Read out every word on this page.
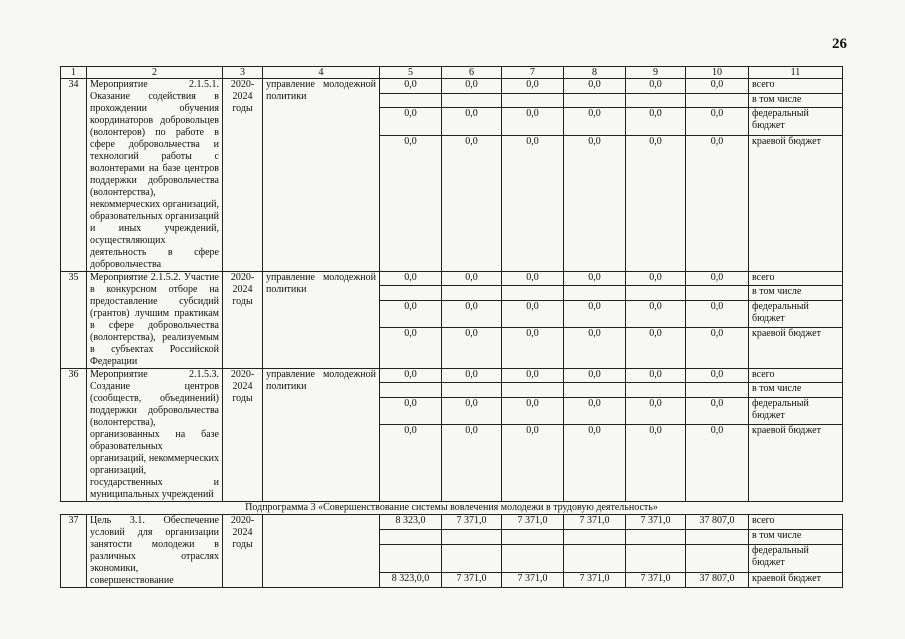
26
1	2	3	4	5	6	7	8	9	10	11
34	Мероприятие 2.1.5.1. Оказание содействия в прохождении обучения координаторов добровольцев (волонтеров) по работе в сфере добровольчества и технологий работы с волонтерами на базе центров поддержки добровольчества (волонтерства), некоммерческих организаций, образовательных организаций и иных учреждений, осуществляющих деятельность в сфере добровольчества	2020-2024 годы	управление молодежной политики	0,0	0,0	0,0	0,0	0,0	0,0	всего
										в том числе
				0,0	0,0	0,0	0,0	0,0	0,0	федеральный бюджет
				0,0	0,0	0,0	0,0	0,0	0,0	краевой бюджет

35	Мероприятие 2.1.5.2. Участие в конкурсном отборе на предоставление субсидий (грантов) лучшим практикам в сфере добровольчества (волонтерства), реализуемым в субъектах Российской Федерации	2020-2024 годы	управление молодежной политики	0,0	0,0	0,0	0,0	0,0	0,0	всего
										в том числе
				0,0	0,0	0,0	0,0	0,0	0,0	федеральный бюджет
				0,0	0,0	0,0	0,0	0,0	0,0	краевой бюджет
36	Мероприятие 2.1.5.3. Создание центров (сообществ, объединений) поддержки добровольчества (волонтерства), организованных на базе образовательных организаций, некоммерческих организаций, государственных и муниципальных учреждений	2020-2024 годы	управление молодежной политики	0,0	0,0	0,0	0,0	0,0	0,0	всего
										в том числе
				0,0	0,0	0,0	0,0	0,0	0,0	федеральный бюджет
				0,0	0,0	0,0	0,0	0,0	0,0	краевой бюджет
Подпрограмма 3 «Совершенствование системы вовлечения молодежи в трудовую деятельность»										
37	Цель 3.1. Обеспечение условий для организации занятости молодежи в различных отраслях экономики, совершенствование	2020-2024 годы		8 323,0	7 371,0	7 371,0	7 371,0	7 371,0	37 807,0	всего
										в том числе
										федеральный бюджет
				8 323,0,0	7 371,0	7 371,0	7 371,0	7 371,0	37 807,0	краевой бюджет
